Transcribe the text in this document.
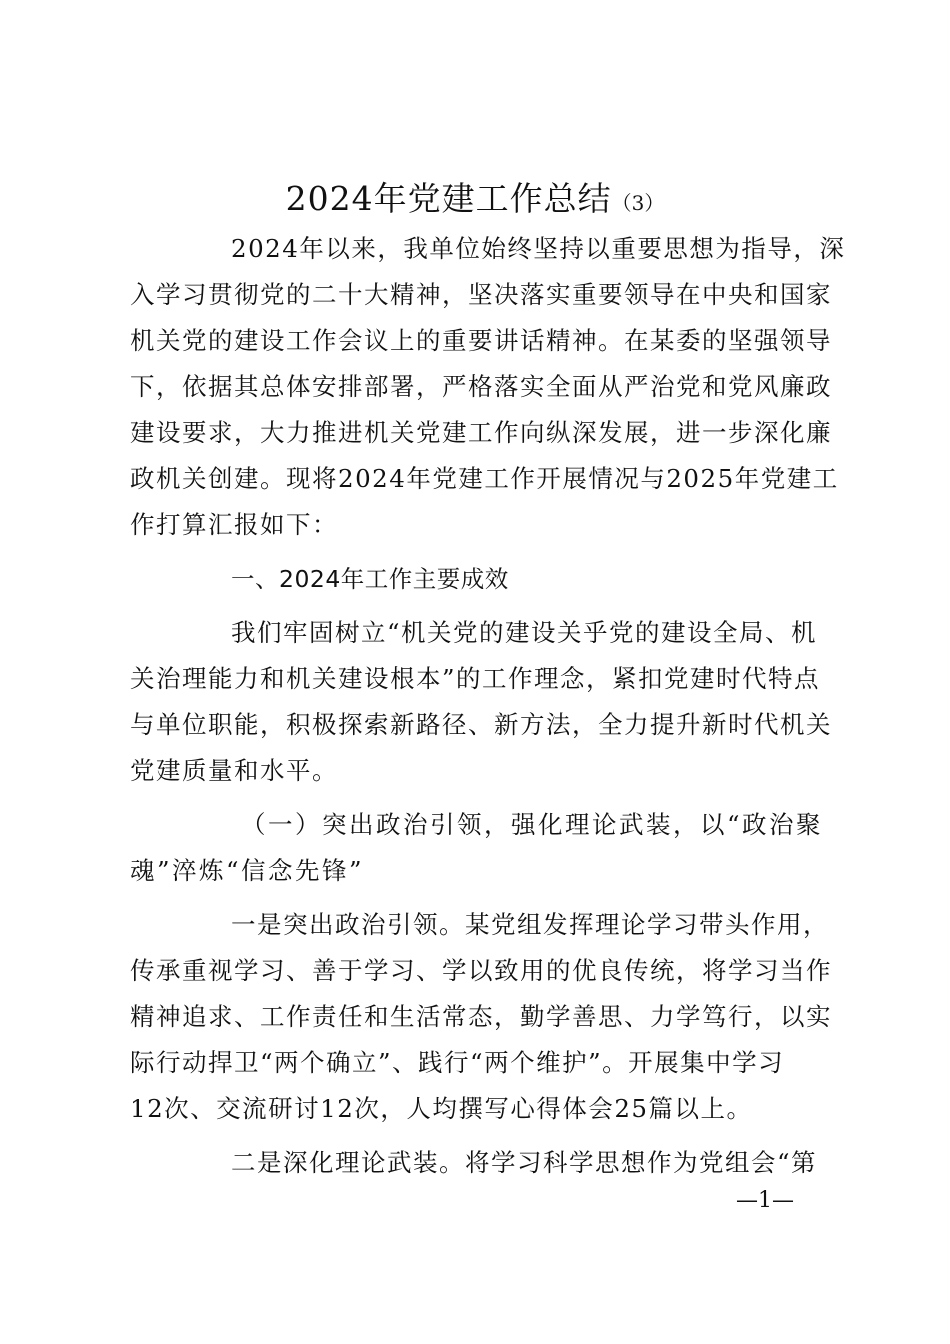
2024年党建工作总结（3）
2024年以来，我单位始终坚持以重要思想为指导，深
入学习贯彻党的二十大精神，坚决落实重要领导在中央和国家
机关党的建设工作会议上的重要讲话精神。在某委的坚强领导
下，依据其总体安排部署，严格落实全面从严治党和党风廉政
建设要求，大力推进机关党建工作向纵深发展，进一步深化廉
政机关创建。现将2024年党建工作开展情况与2025年党建工
作打算汇报如下：
一、2024年工作主要成效
我们牢固树立“机关党的建设关乎党的建设全局、机
关治理能力和机关建设根本”的工作理念，紧扣党建时代特点
与单位职能，积极探索新路径、新方法，全力提升新时代机关
党建质量和水平。
（一）突出政治引领，强化理论武装，以“政治聚
魂”淬炼“信念先锋”
一是突出政治引领。某党组发挥理论学习带头作用，
传承重视学习、善于学习、学以致用的优良传统，将学习当作
精神追求、工作责任和生活常态，勤学善思、力学笃行，以实
际行动捍卫“两个确立”、践行“两个维护”。开展集中学习
12次、交流研讨12次，人均撰写心得体会25篇以上。
二是深化理论武装。将学习科学思想作为党组会“第
—1—
